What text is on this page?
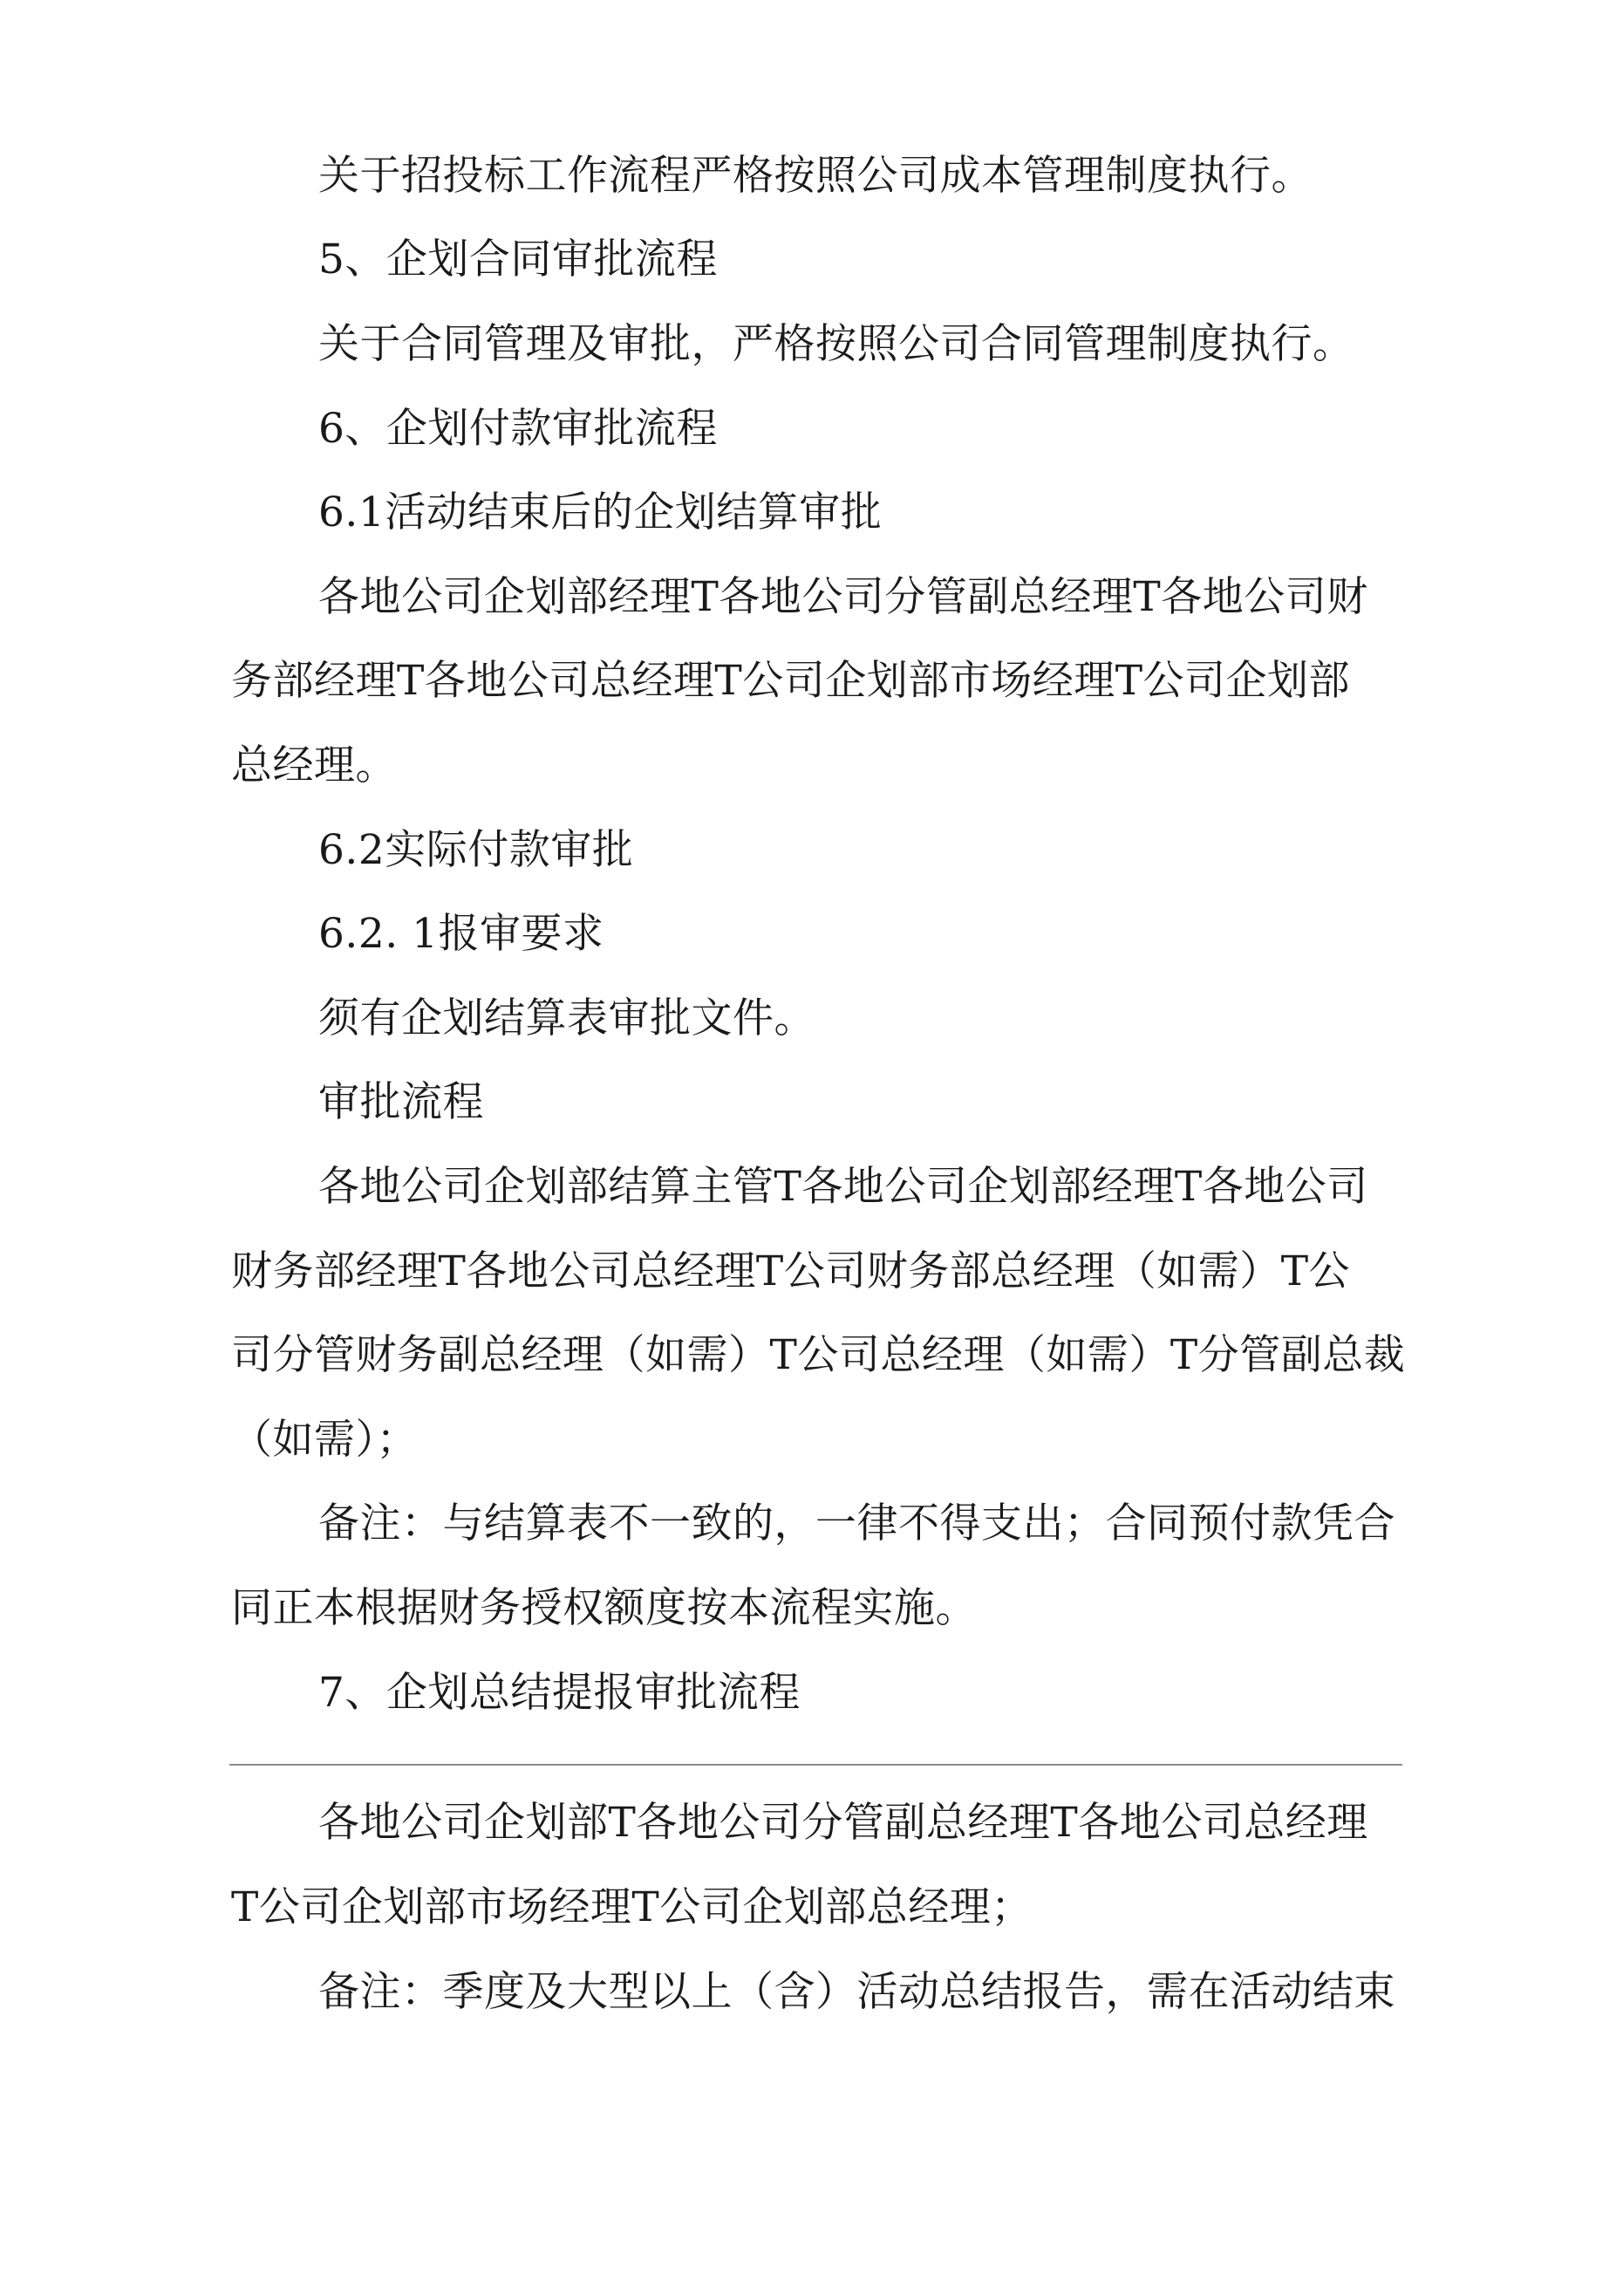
关于招投标工作流程严格按照公司成本管理制度执行。
5、企划合同审批流程
关于合同管理及审批，严格按照公司合同管理制度执行。
6、企划付款审批流程
6.1活动结束后的企划结算审批
各地公司企划部经理T各地公司分管副总经理T各地公司财
务部经理T各地公司总经理T公司企划部市场经理T公司企划部
总经理。
6.2实际付款审批
6.2. 1报审要求
须有企划结算表审批文件。
审批流程
各地公司企划部结算主管T各地公司企划部经理T各地公司
财务部经理T各地公司总经理T公司财务部总经理（如需）T公
司分管财务副总经理（如需）T公司总经理（如需）T分管副总裁
（如需）；
备注：与结算表不一致的，一律不得支出；合同预付款凭合
同正本根据财务授权额度按本流程实施。
7、企划总结提报审批流程
各地公司企划部T各地公司分管副总经理T各地公司总经理
T公司企划部市场经理T公司企划部总经理；
备注：季度及大型以上（含）活动总结报告，需在活动结束
